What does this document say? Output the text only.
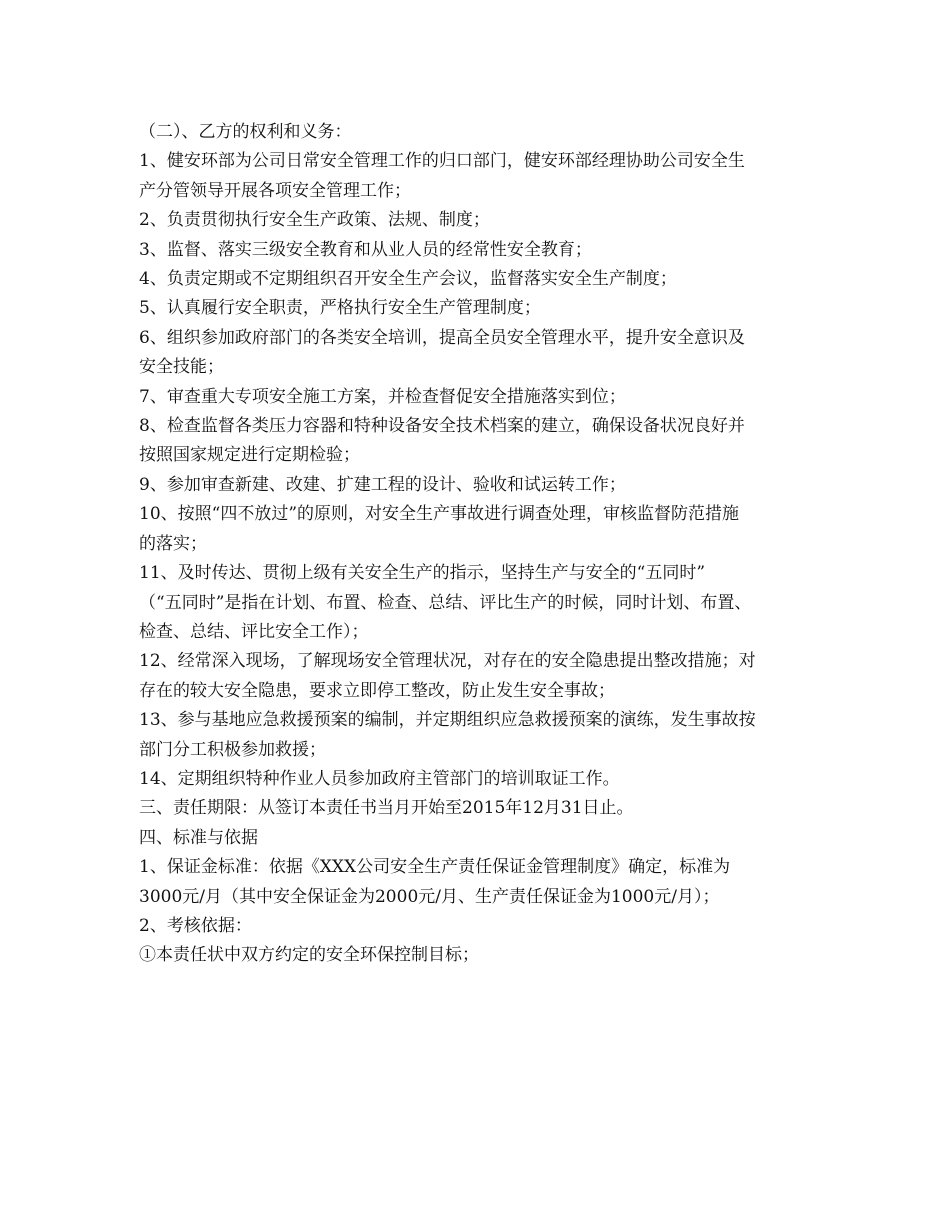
（二）、乙方的权利和义务：

1、健安环部为公司日常安全管理工作的归口部门，健安环部经理协助公司安全生

产分管领导开展各项安全管理工作；

2、负责贯彻执行安全生产政策、法规、制度；

3、监督、落实三级安全教育和从业人员的经常性安全教育；

4、负责定期或不定期组织召开安全生产会议，监督落实安全生产制度；

5、认真履行安全职责，严格执行安全生产管理制度；

6、组织参加政府部门的各类安全培训，提高全员安全管理水平，提升安全意识及

安全技能；

7、审查重大专项安全施工方案，并检查督促安全措施落实到位；

8、检查监督各类压力容器和特种设备安全技术档案的建立，确保设备状况良好并

按照国家规定进行定期检验；

9、参加审查新建、改建、扩建工程的设计、验收和试运转工作；

10、按照“四不放过”的原则，对安全生产事故进行调查处理，审核监督防范措施

的落实；

11、及时传达、贯彻上级有关安全生产的指示，坚持生产与安全的“五同时”

（“五同时”是指在计划、布置、检查、总结、评比生产的时候，同时计划、布置、

检查、总结、评比安全工作）；

12、经常深入现场，了解现场安全管理状况，对存在的安全隐患提出整改措施；对

存在的较大安全隐患，要求立即停工整改，防止发生安全事故；

13、参与基地应急救援预案的编制，并定期组织应急救援预案的演练，发生事故按

部门分工积极参加救援；

14、定期组织特种作业人员参加政府主管部门的培训取证工作。

三、责任期限：从签订本责任书当月开始至2015年12月31日止。

四、标准与依据

1、保证金标准：依据《XXX公司安全生产责任保证金管理制度》确定，标准为

3000元/月（其中安全保证金为2000元/月、生产责任保证金为1000元/月）；

2、考核依据：

①本责任状中双方约定的安全环保控制目标；
